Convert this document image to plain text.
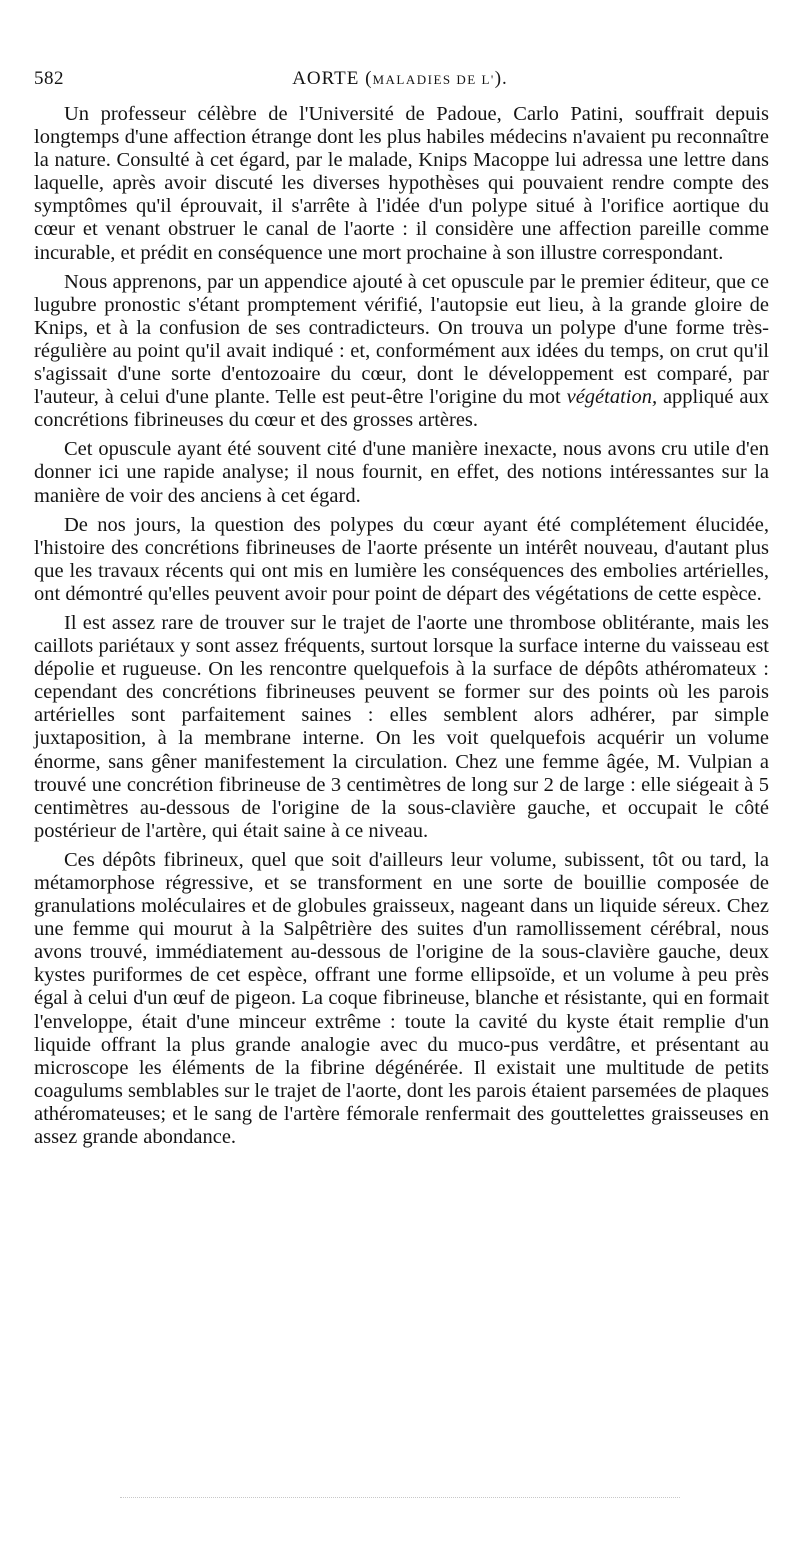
582	AORTE (MALADIES DE L').

Un professeur célèbre de l'Université de Padoue, Carlo Patini, souffrait depuis longtemps d'une affection étrange dont les plus habiles médecins n'avaient pu reconnaître la nature. Consulté à cet égard, par le malade, Knips Macoppe lui adressa une lettre dans laquelle, après avoir discuté les diverses hypothèses qui pouvaient rendre compte des symptômes qu'il éprouvait, il s'arrête à l'idée d'un polype situé à l'orifice aortique du cœur et venant obstruer le canal de l'aorte : il considère une affection pareille comme incurable, et prédit en conséquence une mort prochaine à son illustre correspondant.

Nous apprenons, par un appendice ajouté à cet opuscule par le premier éditeur, que ce lugubre pronostic s'étant promptement vérifié, l'autopsie eut lieu, à la grande gloire de Knips, et à la confusion de ses contradicteurs. On trouva un polype d'une forme très-régulière au point qu'il avait indiqué : et, conformément aux idées du temps, on crut qu'il s'agissait d'une sorte d'entozoaire du cœur, dont le développement est comparé, par l'auteur, à celui d'une plante. Telle est peut-être l'origine du mot végétation, appliqué aux concrétions fibrineuses du cœur et des grosses artères.

Cet opuscule ayant été souvent cité d'une manière inexacte, nous avons cru utile d'en donner ici une rapide analyse; il nous fournit, en effet, des notions intéressantes sur la manière de voir des anciens à cet égard.

De nos jours, la question des polypes du cœur ayant été complétement élucidée, l'histoire des concrétions fibrineuses de l'aorte présente un intérêt nouveau, d'autant plus que les travaux récents qui ont mis en lumière les conséquences des embolies artérielles, ont démontré qu'elles peuvent avoir pour point de départ des végétations de cette espèce.

Il est assez rare de trouver sur le trajet de l'aorte une thrombose oblitérante, mais les caillots pariétaux y sont assez fréquents, surtout lorsque la surface interne du vaisseau est dépolie et rugueuse. On les rencontre quelquefois à la surface de dépôts athéromateux : cependant des concrétions fibrineuses peuvent se former sur des points où les parois artérielles sont parfaitement saines : elles semblent alors adhérer, par simple juxtaposition, à la membrane interne. On les voit quelquefois acquérir un volume énorme, sans gêner manifestement la circulation. Chez une femme âgée, M. Vulpian a trouvé une concrétion fibrineuse de 3 centimètres de long sur 2 de large : elle siégeait à 5 centimètres au-dessous de l'origine de la sous-clavière gauche, et occupait le côté postérieur de l'artère, qui était saine à ce niveau.

Ces dépôts fibrineux, quel que soit d'ailleurs leur volume, subissent, tôt ou tard, la métamorphose régressive, et se transforment en une sorte de bouillie composée de granulations moléculaires et de globules graisseux, nageant dans un liquide séreux. Chez une femme qui mourut à la Salpêtrière des suites d'un ramollissement cérébral, nous avons trouvé, immédiatement au-dessous de l'origine de la sous-clavière gauche, deux kystes puriformes de cet espèce, offrant une forme ellipsoïde, et un volume à peu près égal à celui d'un œuf de pigeon. La coque fibrineuse, blanche et résistante, qui en formait l'enveloppe, était d'une minceur extrême : toute la cavité du kyste était remplie d'un liquide offrant la plus grande analogie avec du muco-pus verdâtre, et présentant au microscope les éléments de la fibrine dégénérée. Il existait une multitude de petits coagulums semblables sur le trajet de l'aorte, dont les parois étaient parsemées de plaques athéromateuses; et le sang de l'artère fémorale renfermait des gouttelettes graisseuses en assez grande abondance.
